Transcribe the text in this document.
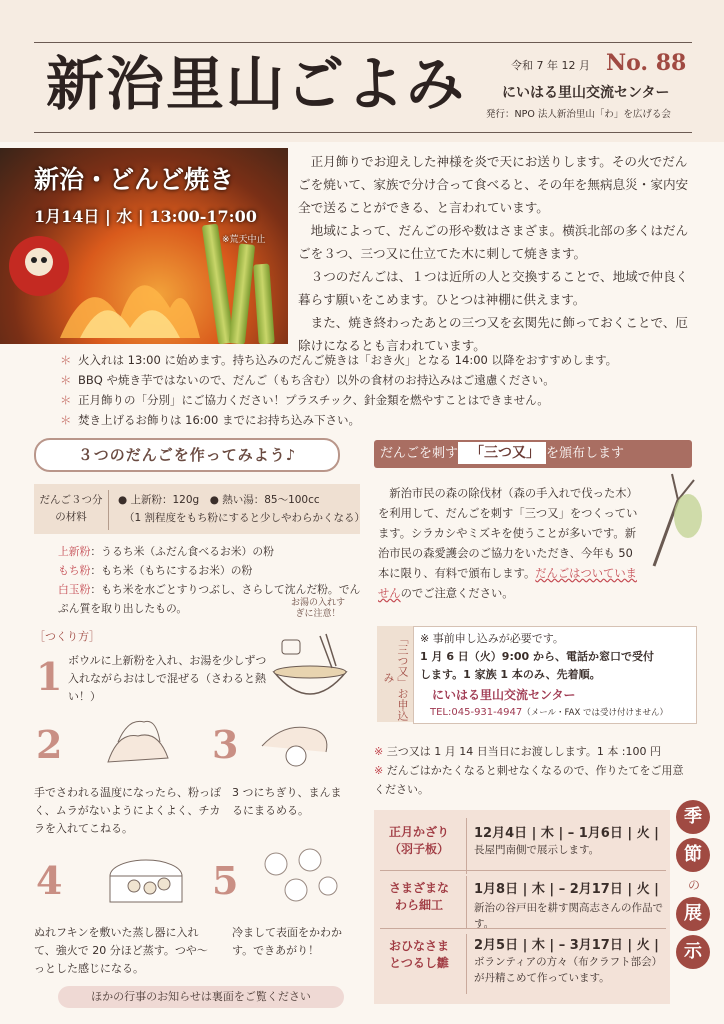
新治里山ごよみ	令和 7 年 12 月 No. 88
にいはる里山交流センター
発行：NPO 法人新治里山「わ」を広げる会
新治・どんど焼き
1月14日 | 水 | 13:00-17:00
※荒天中止

正月飾りでお迎えした神様を炎で天にお送りします。その火でだんごを焼いて、家族で分け合って食べると、その年を無病息災・家内安全で送ることができる、と言われています。

地域によって、だんごの形や数はさまざま。横浜北部の多くはだんごを３つ、三つ又に仕立てた木に刺して焼きます。

３つのだんごは、１つは近所の人と交換することで、地域で仲良く暮らす願いをこめます。ひとつは神棚に供えます。

また、焼き終わったあとの三つ又を玄関先に飾っておくことで、厄除けになるとも言われています。

＊ 火入れは 13:00 に始めます。持ち込みのだんご焼きは「おき火」となる 14:00 以降をおすすめします。
＊ BBQ や焼き芋ではないので、だんご（もち含む）以外の食材のお持込みはご遠慮ください。
＊ 正月飾りの「分別」にご協力ください！プラスチック、針金類を燃やすことはできません。
＊ 焚き上げるお飾りは 16:00 までにお持ち込み下さい。
３つのだんごを作ってみよう♪
だんご３つ分の材料
● 上新粉：120g　● 熱い湯：85～100cc
（1 割程度をもち粉にすると少しやわらかくなる）
上新粉：うるち米（ふだん食べるお米）の粉
もち粉：もち米（もちにするお米）の粉
白玉粉：もち米を水ごとすりつぶし、さらして沈んだ粉。でんぷん質を取り出したもの。
［つくり方］
お湯の入れすぎに注意！
1 ボウルに上新粉を入れ、お湯を少しずつ入れながらおはしで混ぜる（さわると熱い！）
2
手でさわれる温度になったら、粉っぽく、ムラがないようによくよく、チカラを入れてこねる。
3
3 つにちぎり、まんまるにまるめる。
4
ぬれフキンを敷いた蒸し器に入れて、強火で 20 分ほど蒸す。つや～っとした感じになる。
5
冷まして表面をかわかす。できあがり！
ほかの行事のお知らせは裏面をご覧ください
だんごを刺す 「三つ又」 を頒布します
新治市民の森の除伐材（森の手入れで伐った木）を利用して、だんごを刺す「三つ又」をつくっています。シラカシやミズキを使うことが多いです。新治市民の森愛護会のご協力をいただき、今年も 50 本に限り、有料で頒布します。だんごはついていませんのでご注意ください。
「三つ又」お申込み
※ 事前申し込みが必要です。
1 月 6 日（火）9:00 から、電話か窓口で受付
します。1 家族 1 本のみ、先着順。
にいはる里山交流センター
TEL:045-931-4947（メール・FAX では受け付けません）
※ 三つ又は 1 月 14 日当日にお渡しします。1 本 :100 円
※ だんごはかたくなると刺せなくなるので、作りたてをご用意ください。
正月かざり
（羽子板）
12月4日 | 木 | – 1月6日 | 火 |
長屋門南側で展示します。
さまざまな
わら細工
1月8日 | 木 | – 2月17日 | 火 |
新治の谷戸田を耕す関高志さんの作品です。
おひなさま
とつるし雛
2月5日 | 木 | – 3月17日 | 火 |
ボランティアの方々（布クラフト部会）が丹精こめて作っています。
季
節
の
展
示
